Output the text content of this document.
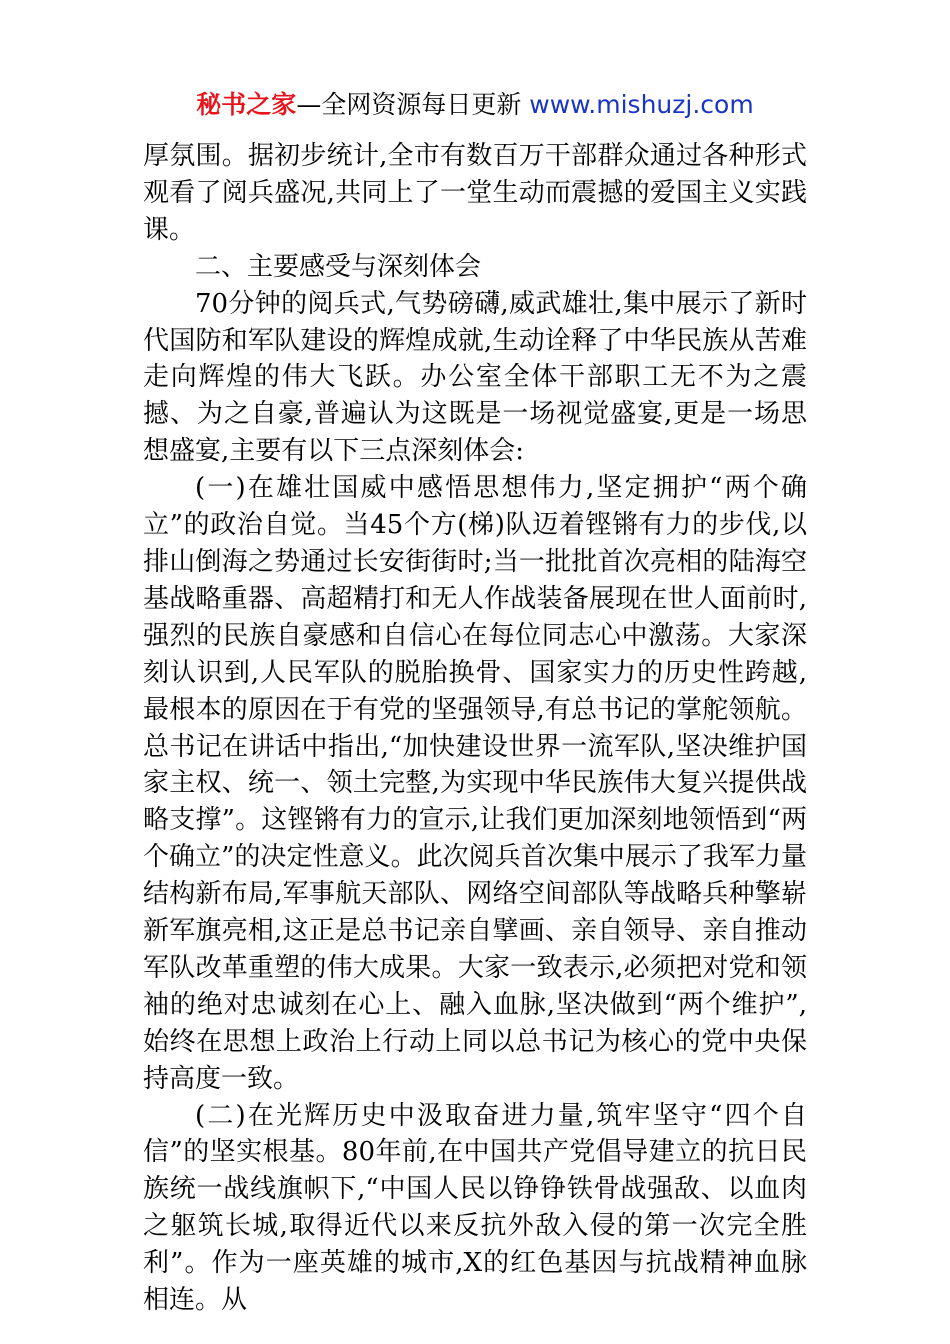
秘书之家—全网资源每日更新 www.mishuzj.com

厚氛围。据初步统计,全市有数百万干部群众通过各种形式观看了阅兵盛况,共同上了一堂生动而震撼的爱国主义实践课。

二、主要感受与深刻体会

70分钟的阅兵式,气势磅礴,威武雄壮,集中展示了新时代国防和军队建设的辉煌成就,生动诠释了中华民族从苦难走向辉煌的伟大飞跃。办公室全体干部职工无不为之震撼、为之自豪,普遍认为这既是一场视觉盛宴,更是一场思想盛宴,主要有以下三点深刻体会:

(一)在雄壮国威中感悟思想伟力,坚定拥护“两个确立”的政治自觉。当45个方(梯)队迈着铿锵有力的步伐,以排山倒海之势通过长安街街时;当一批批首次亮相的陆海空基战略重器、高超精打和无人作战装备展现在世人面前时,强烈的民族自豪感和自信心在每位同志心中激荡。大家深刻认识到,人民军队的脱胎换骨、国家实力的历史性跨越,最根本的原因在于有党的坚强领导,有总书记的掌舵领航。总书记在讲话中指出,“加快建设世界一流军队,坚决维护国家主权、统一、领土完整,为实现中华民族伟大复兴提供战略支撑”。这铿锵有力的宣示,让我们更加深刻地领悟到“两个确立”的决定性意义。此次阅兵首次集中展示了我军力量结构新布局,军事航天部队、网络空间部队等战略兵种擎崭新军旗亮相,这正是总书记亲自擘画、亲自领导、亲自推动军队改革重塑的伟大成果。大家一致表示,必须把对党和领袖的绝对忠诚刻在心上、融入血脉,坚决做到“两个维护”,始终在思想上政治上行动上同以总书记为核心的党中央保持高度一致。

(二)在光辉历史中汲取奋进力量,筑牢坚守“四个自信”的坚实根基。80年前,在中国共产党倡导建立的抗日民族统一战线旗帜下,“中国人民以铮铮铁骨战强敌、以血肉之躯筑长城,取得近代以来反抗外敌入侵的第一次完全胜利”。作为一座英雄的城市,X的红色基因与抗战精神血脉相连。从
